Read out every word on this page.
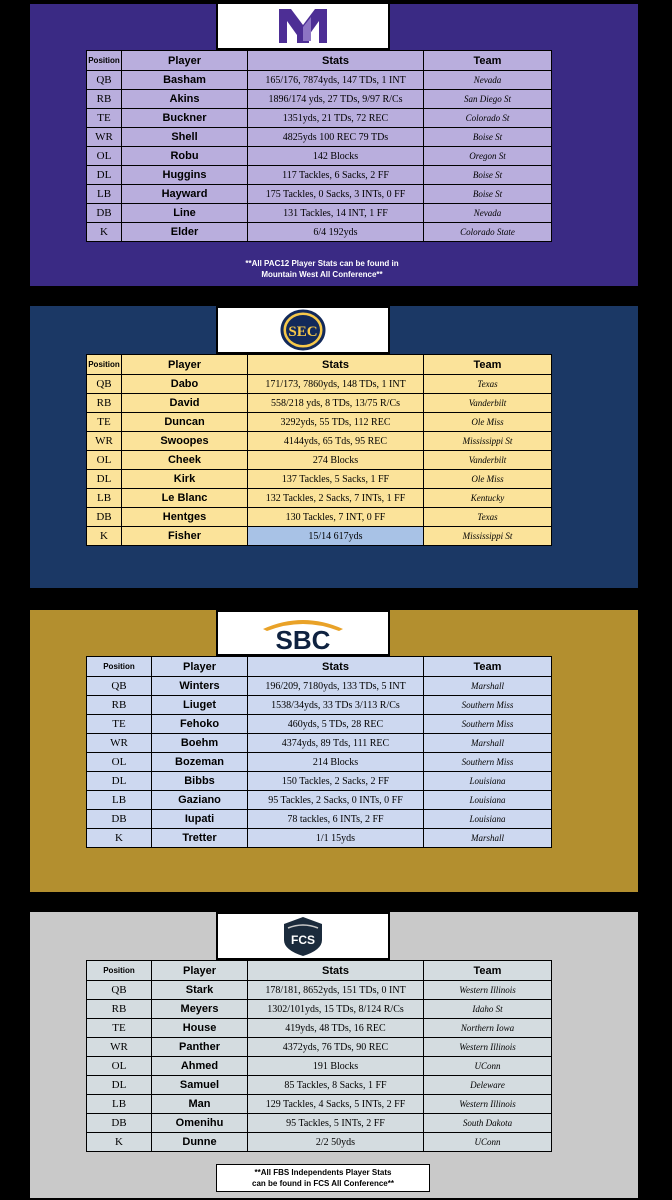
Position	Player	Stats	Team
QB	Basham	165/176, 7874yds, 147 TDs, 1 INT	Nevada
RB	Akins	1896/174 yds, 27 TDs, 9/97 R/Cs	San Diego St
TE	Buckner	1351yds, 21 TDs, 72 REC	Colorado St
WR	Shell	4825yds 100 REC 79 TDs	Boise St
OL	Robu	142 Blocks	Oregon St
DL	Huggins	117 Tackles, 6 Sacks, 2 FF	Boise St
LB	Hayward	175 Tackles, 0 Sacks, 3 INTs, 0 FF	Boise St
DB	Line	131 Tackles, 14 INT, 1 FF	Nevada
K	Elder	6/4 192yds	Colorado State
**All PAC12 Player Stats can be found in
Mountain West All Conference**
SEC
Position	Player	Stats	Team
QB	Dabo	171/173, 7860yds, 148 TDs, 1 INT	Texas
RB	David	558/218 yds, 8 TDs, 13/75 R/Cs	Vanderbilt
TE	Duncan	3292yds, 55 TDs, 112 REC	Ole Miss
WR	Swoopes	4144yds, 65 Tds, 95 REC	Mississippi St
OL	Cheek	274 Blocks	Vanderbilt
DL	Kirk	137 Tackles, 5 Sacks, 1 FF	Ole Miss
LB	Le Blanc	132 Tackles, 2 Sacks, 7 INTs, 1 FF	Kentucky
DB	Hentges	130 Tackles, 7 INT, 0 FF	Texas
K	Fisher	15/14 617yds	Mississippi St
SBC
Position	Player	Stats	Team
QB	Winters	196/209, 7180yds, 133 TDs, 5 INT	Marshall
RB	Liuget	1538/34yds, 33 TDs 3/113 R/Cs	Southern Miss
TE	Fehoko	460yds, 5 TDs, 28 REC	Southern Miss
WR	Boehm	4374yds, 89 Tds, 111 REC	Marshall
OL	Bozeman	214 Blocks	Southern Miss
DL	Bibbs	150 Tackles, 2 Sacks, 2 FF	Louisiana
LB	Gaziano	95 Tackles, 2 Sacks, 0 INTs, 0 FF	Louisiana
DB	Iupati	78 tackles, 6 INTs, 2 FF	Louisiana
K	Tretter	1/1 15yds	Marshall
FCS
Position	Player	Stats	Team
QB	Stark	178/181, 8652yds, 151 TDs, 0 INT	Western Illinois
RB	Meyers	1302/101yds, 15 TDs, 8/124 R/Cs	Idaho St
TE	House	419yds, 48 TDs, 16 REC	Northern Iowa
WR	Panther	4372yds, 76 TDs, 90 REC	Western Illinois
OL	Ahmed	191 Blocks	UConn
DL	Samuel	85 Tackles, 8 Sacks, 1 FF	Deleware
LB	Man	129 Tackles, 4 Sacks, 5 INTs, 2 FF	Western Illinois
DB	Omenihu	95 Tackles, 5 INTs, 2 FF	South Dakota
K	Dunne	2/2 50yds	UConn
**All FBS Independents Player Stats
can be found in FCS All Conference**
